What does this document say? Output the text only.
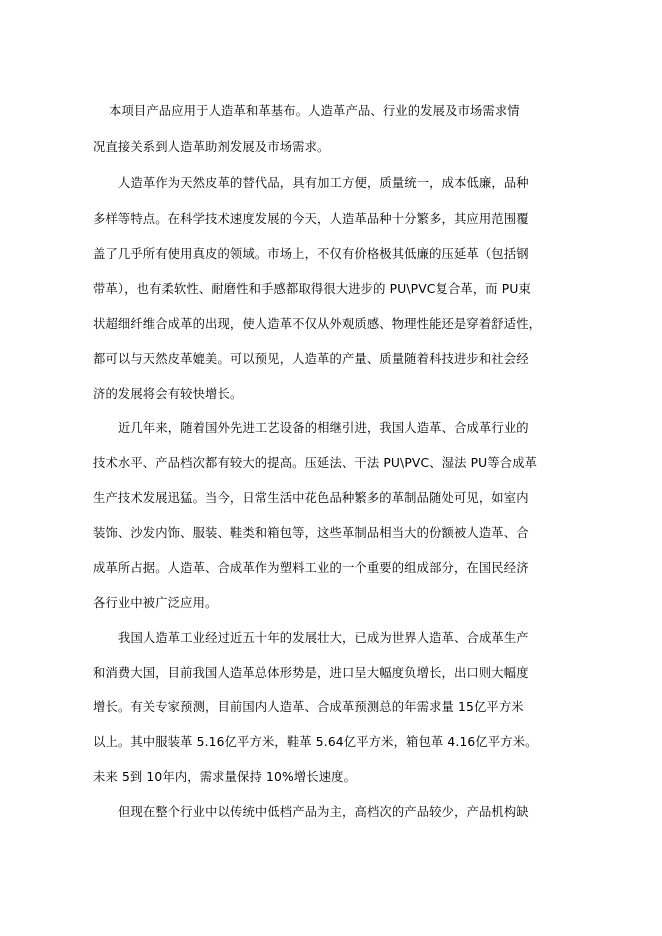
本项目产品应用于人造革和革基布。人造革产品、行业的发展及市场需求情
况直接关系到人造革助剂发展及市场需求。
人造革作为天然皮革的替代品，具有加工方便，质量统一，成本低廉，品种
多样等特点。在科学技术速度发展的今天，人造革品种十分繁多，其应用范围覆
盖了几乎所有使用真皮的领域。市场上，不仅有价格极其低廉的压延革（包括钢
带革），也有柔软性、耐磨性和手感都取得很大进步的 PU\PVC复合革，而 PU束
状超细纤维合成革的出现，使人造革不仅从外观质感、物理性能还是穿着舒适性，
都可以与天然皮革媲美。可以预见，人造革的产量、质量随着科技进步和社会经
济的发展将会有较快增长。
近几年来，随着国外先进工艺设备的相继引进，我国人造革、合成革行业的
技术水平、产品档次都有较大的提高。压延法、干法 PU\PVC、湿法 PU等合成革
生产技术发展迅猛。当今，日常生活中花色品种繁多的革制品随处可见，如室内
装饰、沙发内饰、服装、鞋类和箱包等，这些革制品相当大的份额被人造革、合
成革所占据。人造革、合成革作为塑料工业的一个重要的组成部分，在国民经济
各行业中被广泛应用。
我国人造革工业经过近五十年的发展壮大，已成为世界人造革、合成革生产
和消费大国，目前我国人造革总体形势是，进口呈大幅度负增长，出口则大幅度
增长。有关专家预测，目前国内人造革、合成革预测总的年需求量 15亿平方米
以上。其中服装革 5.16亿平方米，鞋革 5.64亿平方米，箱包革 4.16亿平方米。
未来 5到 10年内，需求量保持 10%增长速度。
但现在整个行业中以传统中低档产品为主，高档次的产品较少，产品机构缺
